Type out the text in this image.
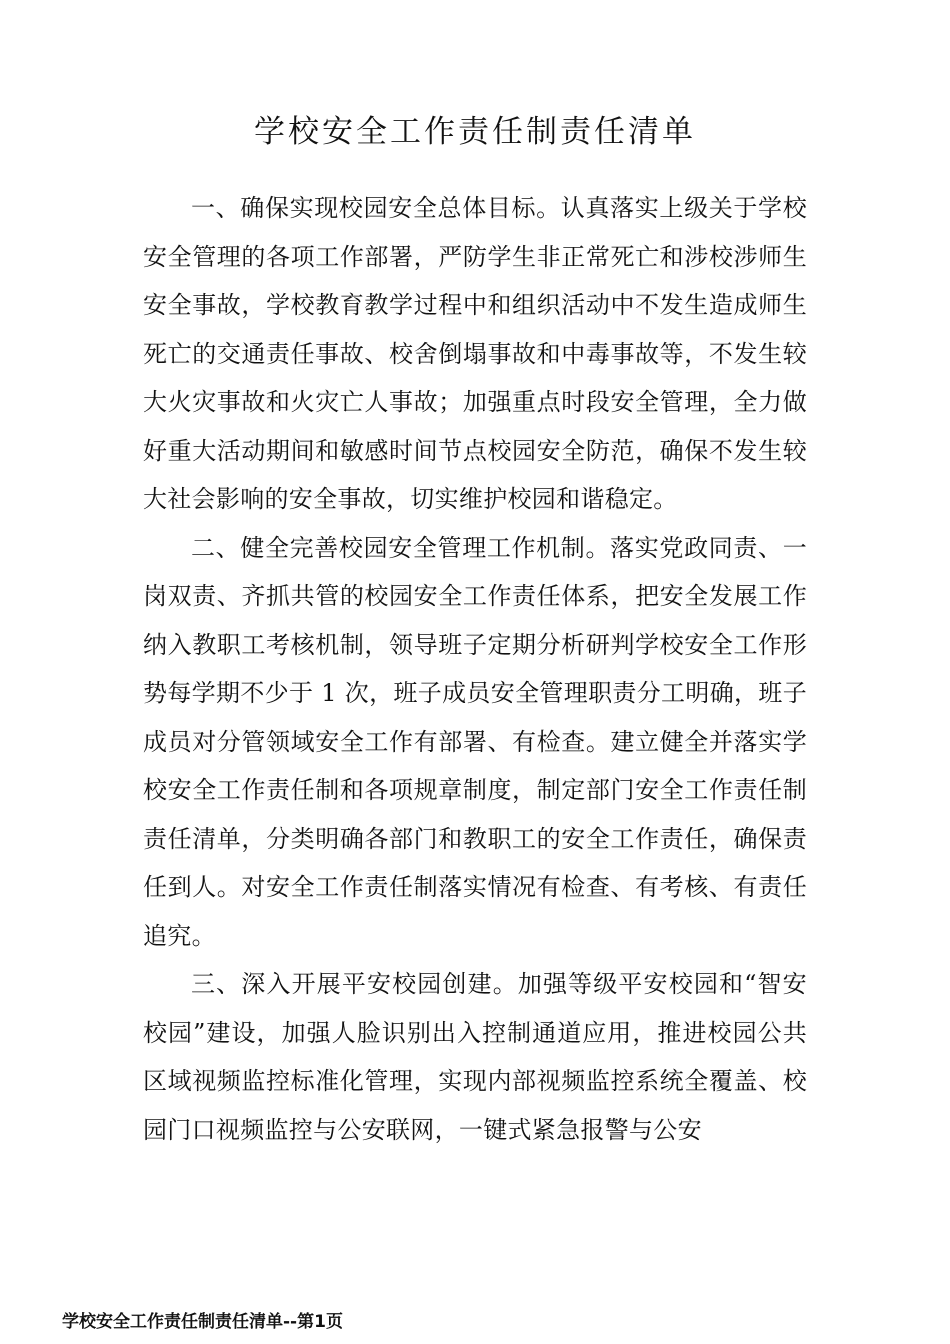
学校安全工作责任制责任清单

一、确保实现校园安全总体目标。认真落实上级关于学校安全管理的各项工作部署，严防学生非正常死亡和涉校涉师生安全事故，学校教育教学过程中和组织活动中不发生造成师生死亡的交通责任事故、校舍倒塌事故和中毒事故等，不发生较大火灾事故和火灾亡人事故；加强重点时段安全管理，全力做好重大活动期间和敏感时间节点校园安全防范，确保不发生较大社会影响的安全事故，切实维护校园和谐稳定。

二、健全完善校园安全管理工作机制。落实党政同责、一岗双责、齐抓共管的校园安全工作责任体系，把安全发展工作纳入教职工考核机制，领导班子定期分析研判学校安全工作形势每学期不少于 1 次，班子成员安全管理职责分工明确，班子成员对分管领域安全工作有部署、有检查。建立健全并落实学校安全工作责任制和各项规章制度，制定部门安全工作责任制责任清单，分类明确各部门和教职工的安全工作责任，确保责任到人。对安全工作责任制落实情况有检查、有考核、有责任追究。

三、深入开展平安校园创建。加强等级平安校园和“智安校园”建设，加强人脸识别出入控制通道应用，推进校园公共区域视频监控标准化管理，实现内部视频监控系统全覆盖、校园门口视频监控与公安联网，一键式紧急报警与公安

学校安全工作责任制责任清单--第1页
